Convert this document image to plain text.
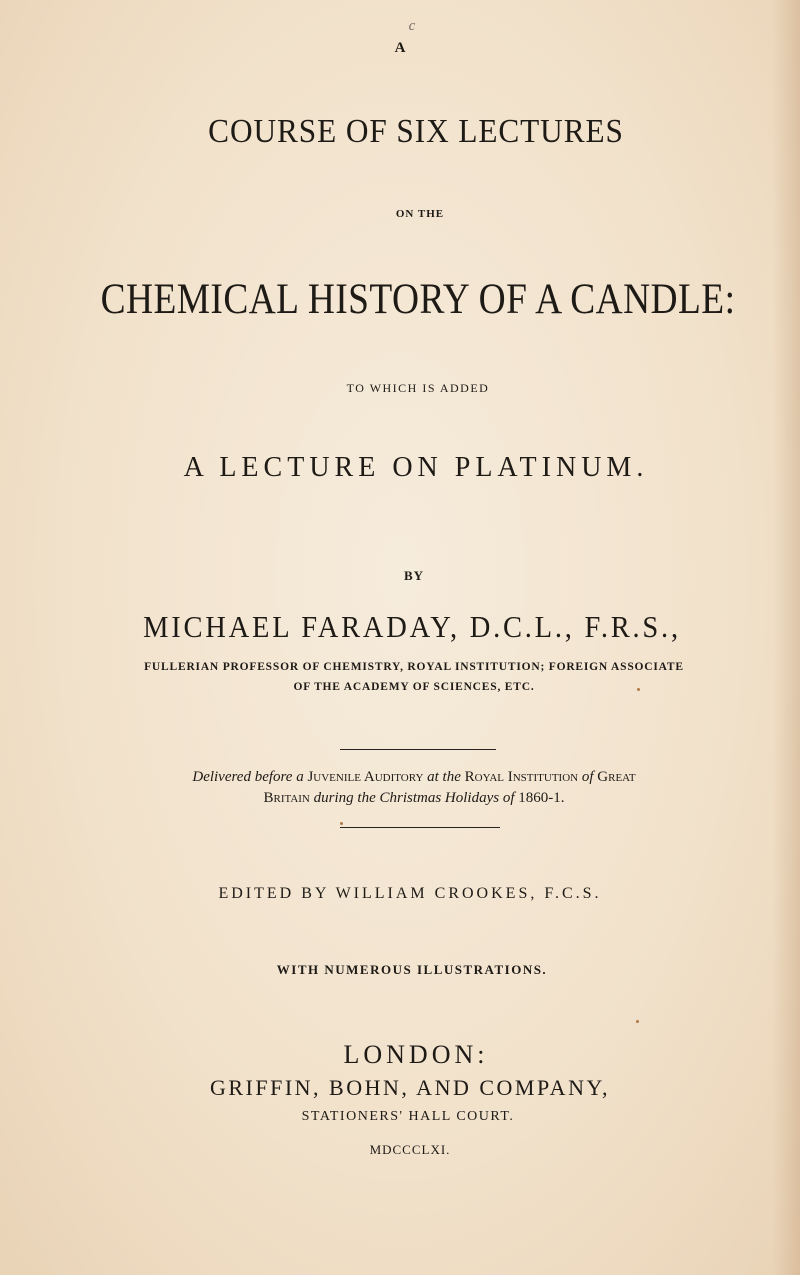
c
A
COURSE OF SIX LECTURES
ON THE
CHEMICAL HISTORY OF A CANDLE:
TO WHICH IS ADDED
A LECTURE ON PLATINUM.
BY
MICHAEL FARADAY, D.C.L., F.R.S.,
FULLERIAN PROFESSOR OF CHEMISTRY, ROYAL INSTITUTION; FOREIGN ASSOCIATE
OF THE ACADEMY OF SCIENCES, ETC.
Delivered before a Juvenile Auditory at the Royal Institution of Great
Britain during the Christmas Holidays of 1860-1.
EDITED BY WILLIAM CROOKES, F.C.S.
WITH NUMEROUS ILLUSTRATIONS.
LONDON:
GRIFFIN, BOHN, AND COMPANY,
STATIONERS' HALL COURT.
MDCCCLXI.
